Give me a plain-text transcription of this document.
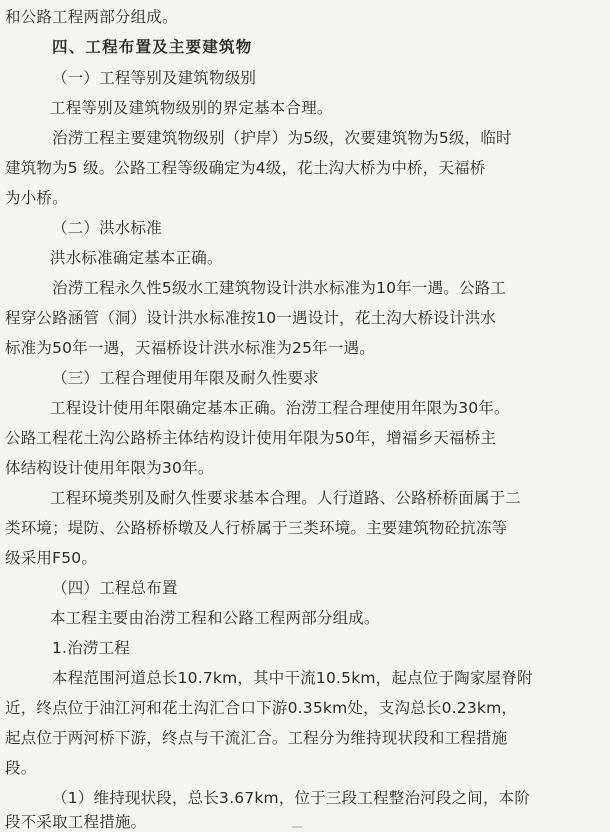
和公路工程两部分组成。
四、工程布置及主要建筑物
（一）工程等别及建筑物级别
工程等别及建筑物级别的界定基本合理。
治涝工程主要建筑物级别（护岸）为5级，次要建筑物为5级，临时
建筑物为5 级。公路工程等级确定为4级，花土沟大桥为中桥，天福桥
为小桥。
（二）洪水标准
洪水标准确定基本正确。
治涝工程永久性5级水工建筑物设计洪水标准为10年一遇。公路工
程穿公路涵管（洞）设计洪水标准按10一遇设计，花土沟大桥设计洪水
标准为50年一遇，天福桥设计洪水标准为25年一遇。
（三）工程合理使用年限及耐久性要求
工程设计使用年限确定基本正确。治涝工程合理使用年限为30年。
公路工程花土沟公路桥主体结构设计使用年限为50年，增福乡天福桥主
体结构设计使用年限为30年。
工程环境类别及耐久性要求基本合理。人行道路、公路桥桥面属于二
类环境；堤防、公路桥桥墩及人行桥属于三类环境。主要建筑物砼抗冻等
级采用F50。
（四）工程总布置
本工程主要由治涝工程和公路工程两部分组成。
1.治涝工程
本程范围河道总长10.7km，其中干流10.5km，起点位于陶家屋脊附
近，终点位于油江河和花土沟汇合口下游0.35km处，支沟总长0.23km，
起点位于两河桥下游，终点与干流汇合。工程分为维持现状段和工程措施
段。
（1）维持现状段，总长3.67km，位于三段工程整治河段之间，本阶
段不采取工程措施。
